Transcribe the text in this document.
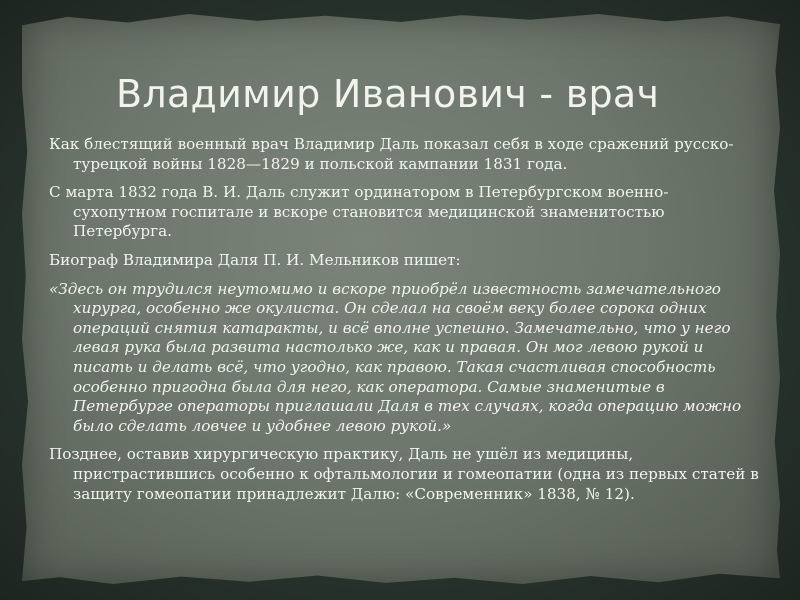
Владимир Иванович - врач

Как блестящий военный врач Владимир Даль показал себя в ходе сражений русско-турецкой войны 1828—1829 и польской кампании 1831 года.

С марта 1832 года В. И. Даль служит ординатором в Петербургском военно-сухопутном госпитале и вскоре становится медицинской знаменитостью Петербурга.

Биограф Владимира Даля П. И. Мельников пишет:

«Здесь он трудился неутомимо и вскоре приобрёл известность замечательного хирурга, особенно же окулиста. Он сделал на своём веку более сорока одних операций снятия катаракты, и всё вполне успешно. Замечательно, что у него левая рука была развита настолько же, как и правая. Он мог левою рукой и писать и делать всё, что угодно, как правою. Такая счастливая способность особенно пригодна была для него, как оператора. Самые знаменитые в Петербурге операторы приглашали Даля в тех случаях, когда операцию можно было сделать ловчее и удобнее левою рукой.»

Позднее, оставив хирургическую практику, Даль не ушёл из медицины, пристрастившись особенно к офтальмологии и гомеопатии (одна из первых статей в защиту гомеопатии принадлежит Далю: «Современник» 1838, № 12).
